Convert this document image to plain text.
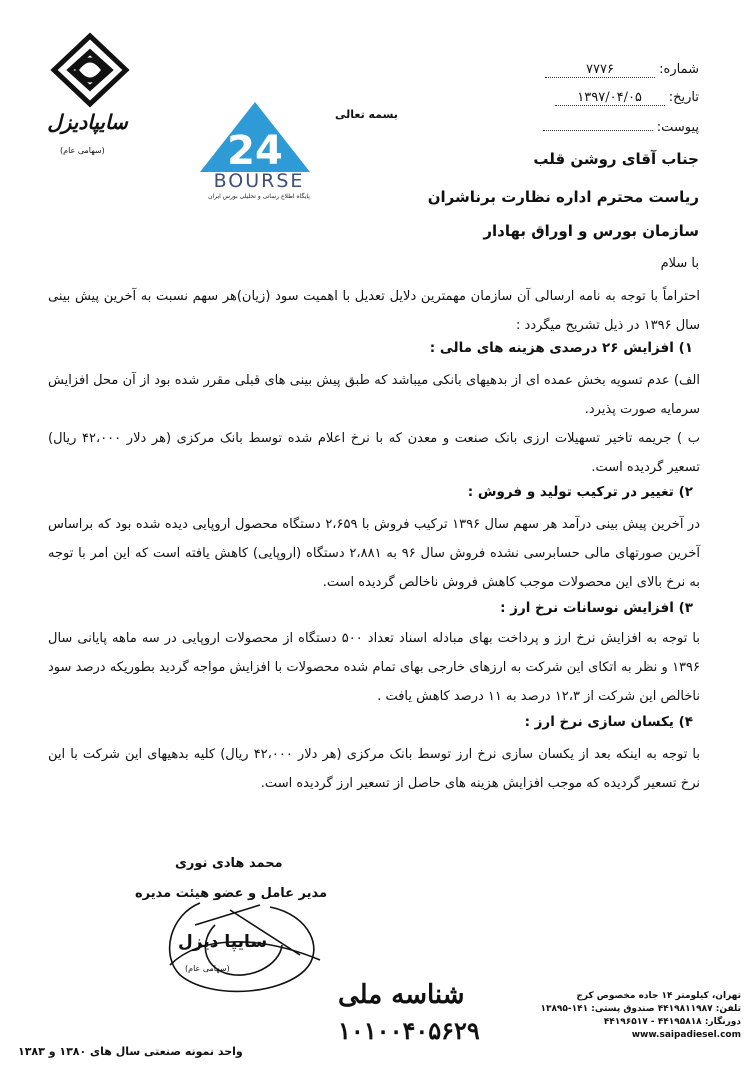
سایپادیزل
(سهامی عام)	24
BOURSE
پایگاه اطلاع رسانی و تحلیلی بورس ایران
بسمه تعالی
شماره: ۷۷۷۶
تاریخ: ۱۳۹۷/۰۴/۰۵
پیوست:
جناب آقای روشن قلب
ریاست محترم اداره نظارت برناشران
سازمان بورس و اوراق بهادار
با سلام
احتراماً با توجه به نامه ارسالی آن سازمان مهمترین دلایل تعدیل با اهمیت سود (زیان)هر سهم نسبت به آخرین پیش بینی سال ۱۳۹۶ در ذیل تشریح میگردد :
۱) افزایش ۲۶ درصدی هزینه های مالی :
الف) عدم تسویه بخش عمده ای از بدهیهای بانکی میباشد که طبق پیش بینی های قبلی مقرر شده بود از آن محل افزایش سرمایه صورت پذیرد.
ب ) جریمه تاخیر تسهیلات ارزی بانک صنعت و معدن که با نرخ اعلام شده توسط بانک مرکزی (هر دلار ۴۲،۰۰۰ ریال) تسعیر گردیده است.
۲) تغییر در ترکیب تولید و فروش :
در آخرین پیش بینی درآمد هر سهم سال ۱۳۹۶ ترکیب فروش با ۲،۶۵۹ دستگاه محصول اروپایی دیده شده بود که براساس آخرین صورتهای مالی حسابرسی نشده فروش سال ۹۶ به ۲،۸۸۱ دستگاه (اروپایی) کاهش یافته است که این امر با توجه به نرخ بالای این محصولات موجب کاهش فروش ناخالص گردیده است.
۳) افزایش نوسانات نرخ ارز :
با توجه به افزایش نرخ ارز و پرداخت بهای مبادله اسناد تعداد ۵۰۰ دستگاه از محصولات اروپایی در سه ماهه پایانی سال ۱۳۹۶ و نظر به اتکای این شرکت به ارزهای خارجی بهای تمام شده محصولات با افزایش مواجه گردید بطوریکه درصد سود ناخالص این شرکت از ۱۲،۳ درصد به ۱۱ درصد کاهش یافت .
۴) یکسان سازی نرخ ارز :
با توجه به اینکه بعد از یکسان سازی نرخ ارز توسط بانک مرکزی (هر دلار ۴۲،۰۰۰ ریال) کلیه بدهیهای این شرکت با این نرخ تسعیر گردیده که موجب افزایش هزینه های حاصل از تسعیر ارز گردیده است.
محمد هادی نوری
مدیر عامل و عضو هیئت مدیره
سایپا دیزل
(سهامی عام)
شناسه ملی
۱۰۱۰۰۴۰۵۶۲۹
تهران، کیلومتر ۱۴ جاده مخصوص کرج
تلفن: ۴۴۱۹۸۱۱۹۸۷ صندوق پستی: ۱۴۱-۱۳۸۹۵
دورنگار: ۴۴۱۹۵۸۱۸ - ۴۴۱۹۶۵۱۷
www.saipadiesel.com
واحد نمونه صنعتی سال های ۱۳۸۰ و ۱۳۸۳
